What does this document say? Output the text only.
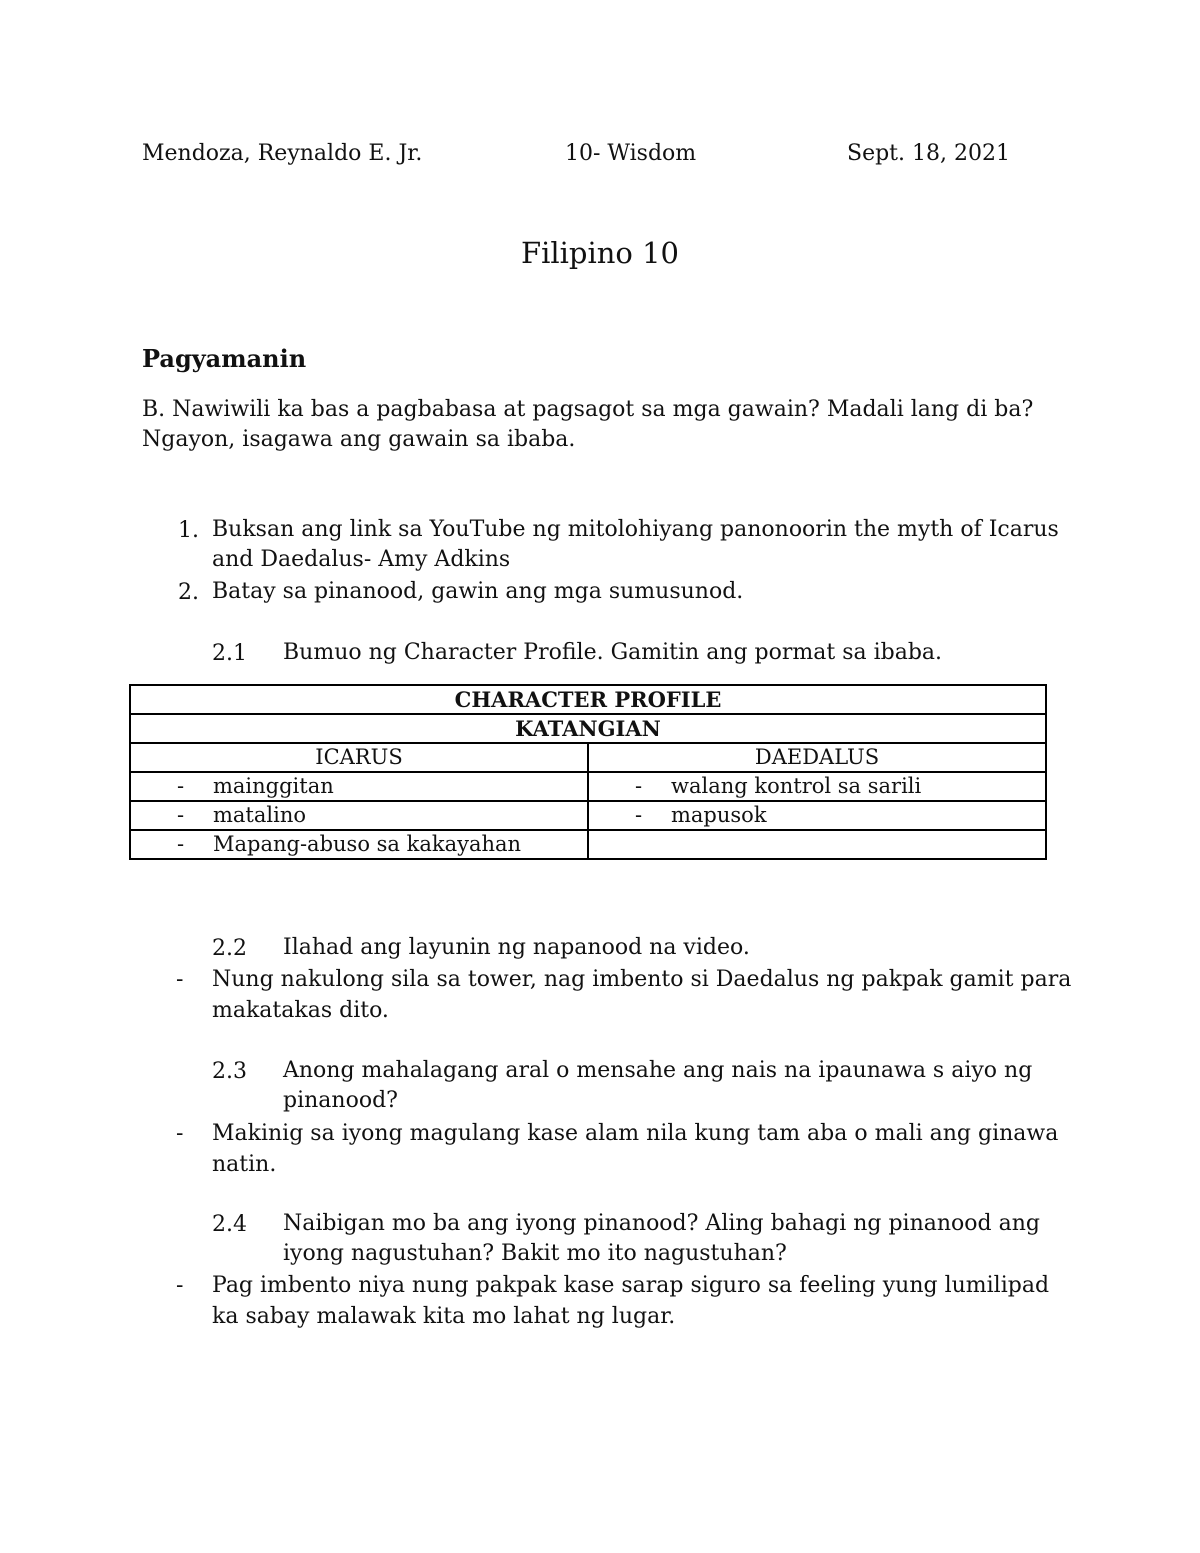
Mendoza, Reynaldo E. Jr.	10- Wisdom	Sept. 18, 2021
Filipino 10
Pagyamanin
B. Nawiwili ka bas a pagbabasa at pagsagot sa mga gawain? Madali lang di ba? Ngayon, isagawa ang gawain sa ibaba.
1. Buksan ang link sa YouTube ng mitolohiyang panonoorin the myth of Icarus and Daedalus- Amy Adkins
2. Batay sa pinanood, gawin ang mga sumusunod.
2.1 Bumuo ng Character Profile. Gamitin ang pormat sa ibaba.
CHARACTER PROFILE	
KATANGIAN	
ICARUS	DAEDALUS

- mainggitan	- walang kontrol sa sarili

- matalino	- mapusok

- Mapang-abuso sa kakayahan	

2.2 Ilahad ang layunin ng napanood na video.
- Nung nakulong sila sa tower, nag imbento si Daedalus ng pakpak gamit para makatakas dito.
2.3 Anong mahalagang aral o mensahe ang nais na ipaunawa s aiyo ng pinanood?
- Makinig sa iyong magulang kase alam nila kung tam aba o mali ang ginawa natin.
2.4 Naibigan mo ba ang iyong pinanood? Aling bahagi ng pinanood ang iyong nagustuhan? Bakit mo ito nagustuhan?
- Pag imbento niya nung pakpak kase sarap siguro sa feeling yung lumilipad ka sabay malawak kita mo lahat ng lugar.
